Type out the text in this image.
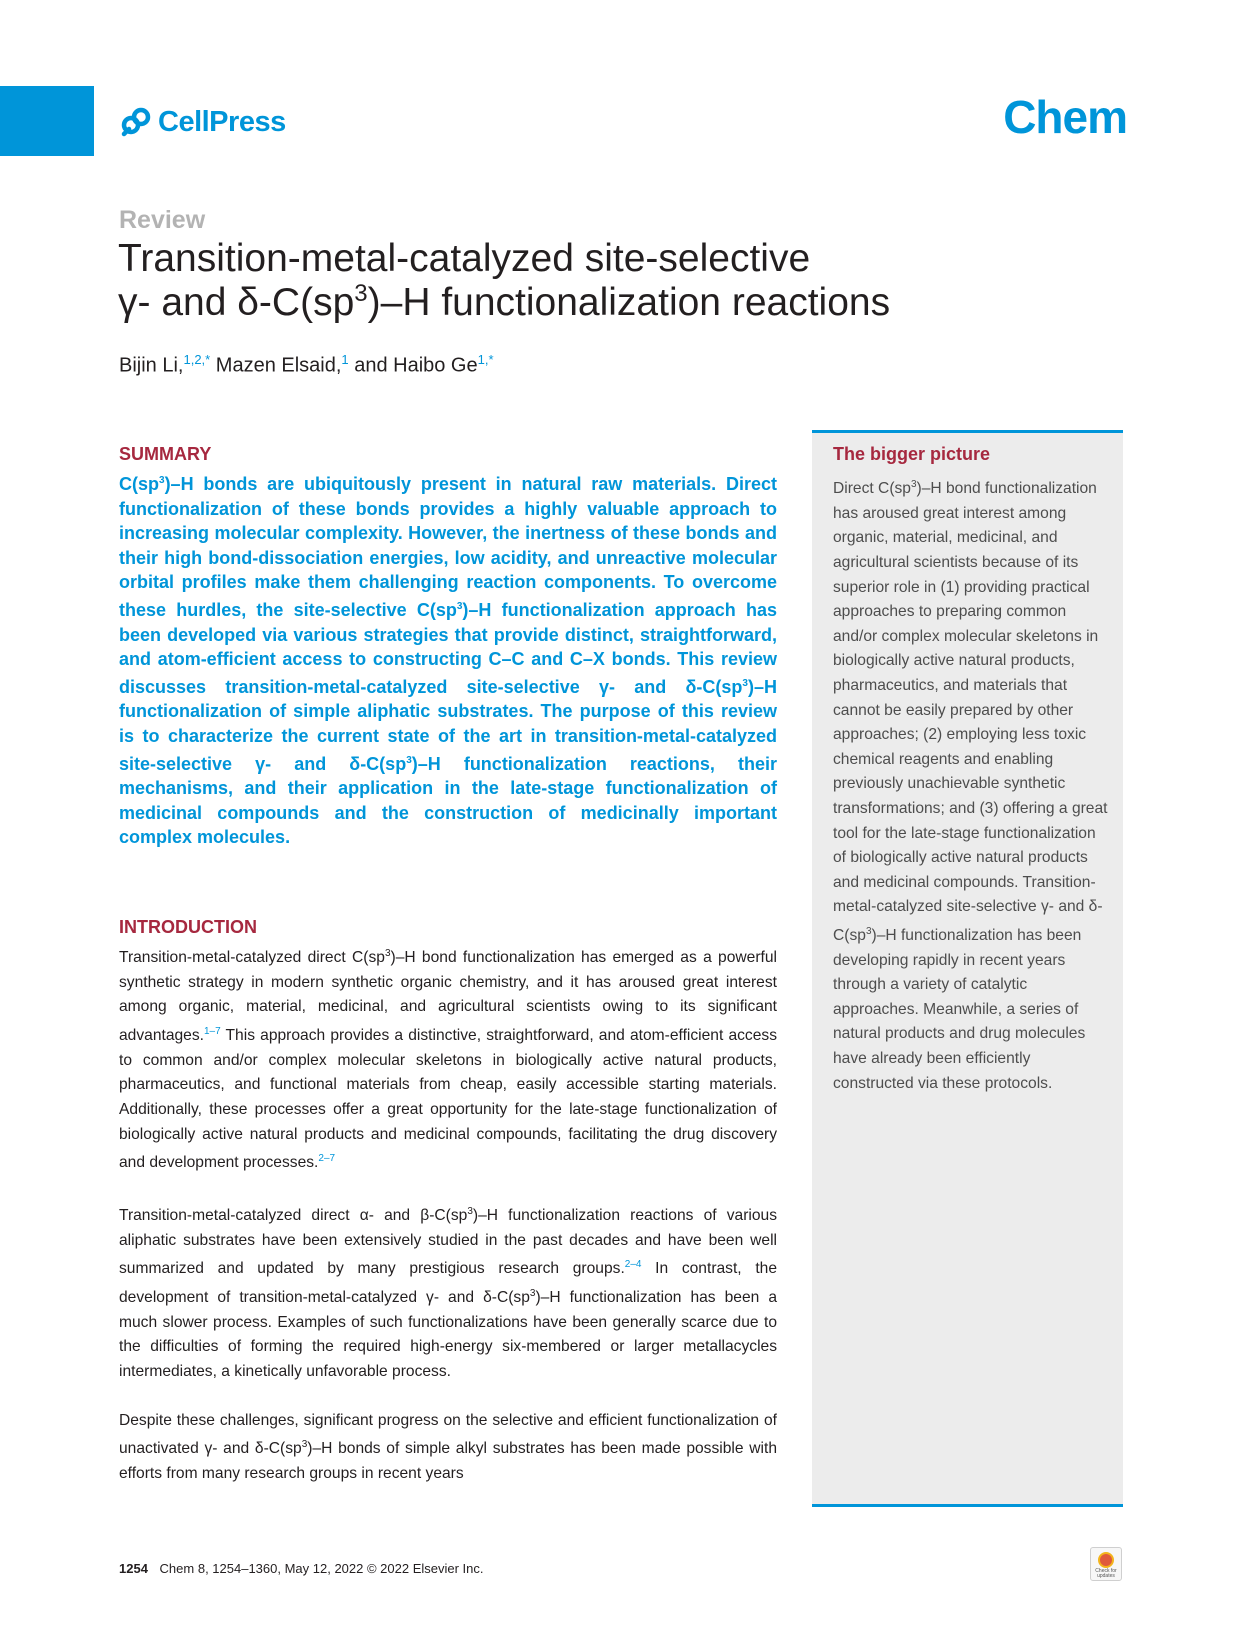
CellPress	Chem
Review
Transition-metal-catalyzed site-selective
γ- and $\delta-C(sp^3)-H$ functionalization reactions
Bijin Li,$^{1,2,*}$ Mazen Elsaid,$^1$ and Haibo $Ge^{1,*}$
SUMMARY

$C(sp^3)-H$ bonds are ubiquitously present in natural raw materials. Direct functionalization of these bonds provides a highly valuable approach to increasing molecular complexity. However, the inertness of these bonds and their high bond-dissociation energies, low acidity, and unreactive molecular orbital profiles make them challenging reaction components. To overcome these hurdles, the site-selective $C(sp^3)-H$ functionalization approach has been developed via various strategies that provide distinct, straightforward, and atom-efficient access to constructing C–C and C–X bonds. This review discusses transition-metal-catalyzed site-selective γ- and $\delta-C(sp^3)-H$ functionalization of simple aliphatic substrates. The purpose of this review is to characterize the current state of the art in transition-metal-catalyzed site-selective γ- and $\delta-C(sp^3)-H$ functionalization reactions, their mechanisms, and their application in the late-stage functionalization of medicinal compounds and the construction of medicinally important complex molecules.

INTRODUCTION

Transition-metal-catalyzed direct $C(sp^3)-H$ bond functionalization has emerged as a powerful synthetic strategy in modern synthetic organic chemistry, and it has aroused great interest among organic, material, medicinal, and agricultural scientists owing to its significant advantages.$^{1-7}$ This approach provides a distinctive, straightforward, and atom-efficient access to common and/or complex molecular skeletons in biologically active natural products, pharmaceutics, and functional materials from cheap, easily accessible starting materials. Additionally, these processes offer a great opportunity for the late-stage functionalization of biologically active natural products and medicinal compounds, facilitating the drug discovery and development processes.$^{2-7}$

Transition-metal-catalyzed direct α- and $\beta-C(sp^3)-H$ functionalization reactions of various aliphatic substrates have been extensively studied in the past decades and have been well summarized and updated by many prestigious research groups.$^{2-4}$ In contrast, the development of transition-metal-catalyzed γ- and $\delta-C(sp^3)-H$ functionalization has been a much slower process. Examples of such functionalizations have been generally scarce due to the difficulties of forming the required high-energy six-membered or larger metallacycles intermediates, a kinetically unfavorable process.

Despite these challenges, significant progress on the selective and efficient functionalization of unactivated γ- and $\delta-C(sp^3)-H$ bonds of simple alkyl substrates has been made possible with efforts from many research groups in recent years

The bigger picture
Direct $C(sp^3)-H$ bond functionalization has aroused great interest among organic, material, medicinal, and agricultural scientists because of its superior role in (1) providing practical approaches to preparing common and/or complex molecular skeletons in biologically active natural products, pharmaceutics, and materials that cannot be easily prepared by other approaches; (2) employing less toxic chemical reagents and enabling previously unachievable synthetic transformations; and (3) offering a great tool for the late-stage functionalization of biologically active natural products and medicinal compounds. Transition-metal-catalyzed site-selective γ- and $\delta-C(sp^3)-H$ functionalization has been developing rapidly in recent years through a variety of catalytic approaches. Meanwhile, a series of natural products and drug molecules have already been efficiently constructed via these protocols.
1254 Chem 8, 1254–1360, May 12, 2022 © 2022 Elsevier Inc.	Check for updates
